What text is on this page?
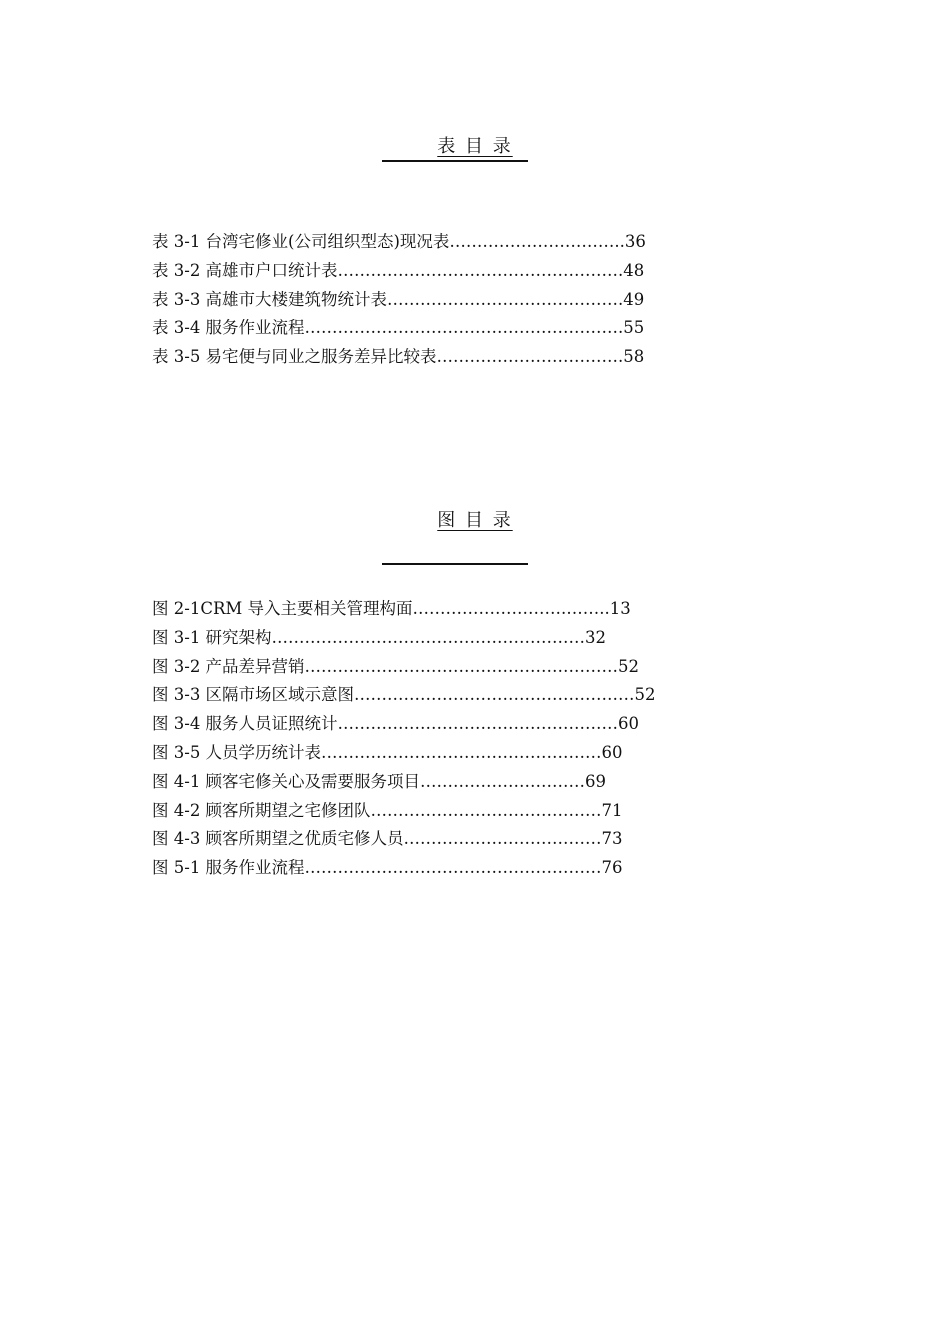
表 目 录
表 3-1 台湾宅修业(公司组织型态)现况表…………………………..36
表 3-2 高雄市户口统计表…………………………………………….48
表 3-3 高雄市大楼建筑物统计表…………………………………….49
表 3-4 服务作业流程………………………………………………….55
表 3-5 易宅便与同业之服务差异比较表…………………………….58
图 目 录
图 2-1CRM 导入主要相关管理构面……………………….……..13
图 3-1 研究架构…………………………………………………32
图 3-2 产品差异营销…………………………………………………52
图 3-3 区隔市场区域示意图……………………………………………52
图 3-4 服务人员证照统计……………………………………………60
图 3-5 人员学历统计表……………………………………………60
图 4-1 顾客宅修关心及需要服务项目…………………………69
图 4-2 顾客所期望之宅修团队……………………………………71
图 4-3 顾客所期望之优质宅修人员………………………………73
图 5-1 服务作业流程………………………………………………76
